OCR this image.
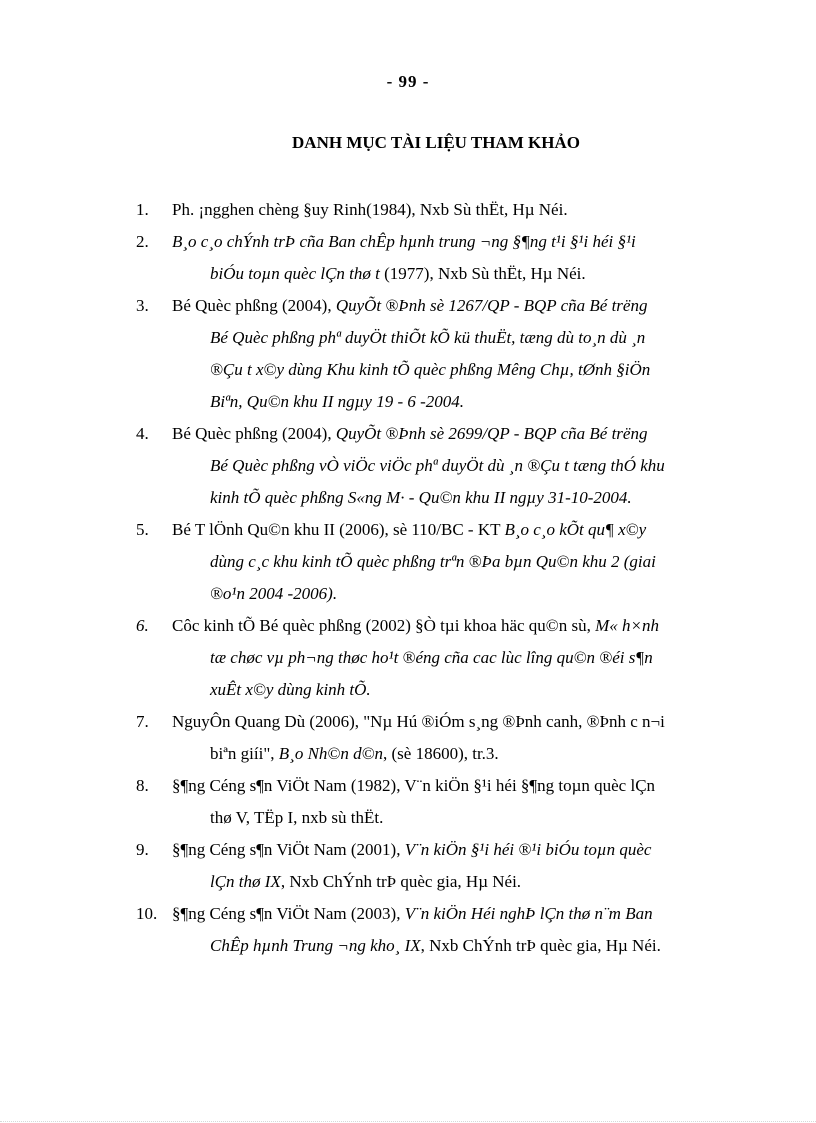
- 99 -
DANH MỤC TÀI LIỆU THAM KHẢO
1.	Ph. ¡ngghen chèng §uy Rinh(1984), Nxb Sù thËt, Hµ Néi.
2.	B¸o c¸o chÝnh trÞ cña Ban chÊp hµnh trung ¬ng §¶ng t¹i §¹i héi §¹i
biÓu toµn quèc lÇn thø t (1977), Nxb Sù thËt, Hµ Néi.
3.	Bé Quèc phßng (2004), QuyÕt ®Þnh sè 1267/QP - BQP cña Bé trëng
Bé Quèc phßng phª duyÖt thiÕt kÕ kü thuËt, tæng dù to¸n dù ¸n
®Çu t x©y dùng Khu kinh tÕ quèc phßng Mêng Chµ, tØnh §iÖn
Biªn, Qu©n khu II ngµy 19 - 6 -2004.
4.	Bé Quèc phßng (2004), QuyÕt ®Þnh sè 2699/QP - BQP cña Bé trëng
Bé Quèc phßng vÒ viÖc viÖc phª duyÖt dù ¸n ®Çu t tæng thÓ khu
kinh tÕ quèc phßng S«ng M· - Qu©n khu II ngµy 31-10-2004.
5.	Bé T lÖnh Qu©n khu II (2006), sè 110/BC - KT B¸o c¸o kÕt qu¶ x©y
dùng c¸c khu kinh tÕ quèc phßng trªn ®Þa bµn Qu©n khu 2 (giai
®o¹n 2004 -2006).
6.	Côc kinh tÕ Bé quèc phßng (2002) §Ò tµi khoa häc qu©n sù, M« h×nh
tæ chøc vµ ph¬ng thøc ho¹t ®éng cña cac lùc lîng qu©n ®éi s¶n
xuÊt x©y dùng kinh tÕ.
7.	NguyÔn Quang Dù (2006), "Nµ Hú ®iÓm s¸ng ®Þnh canh, ®Þnh c n¬i
biªn giíi", B¸o Nh©n d©n, (sè 18600), tr.3.
8.	§¶ng Céng s¶n ViÖt Nam (1982), V¨n kiÖn §¹i héi §¶ng toµn quèc lÇn
thø V, TËp I, nxb sù thËt.
9.	§¶ng Céng s¶n ViÖt Nam (2001), V¨n kiÖn §¹i héi ®¹i biÓu toµn quèc
lÇn thø IX, Nxb ChÝnh trÞ quèc gia, Hµ Néi.
10. §¶ng Céng s¶n ViÖt Nam (2003), V¨n kiÖn Héi nghÞ lÇn thø n¨m Ban
ChÊp hµnh Trung ¬ng kho¸ IX, Nxb ChÝnh trÞ quèc gia, Hµ Néi.
